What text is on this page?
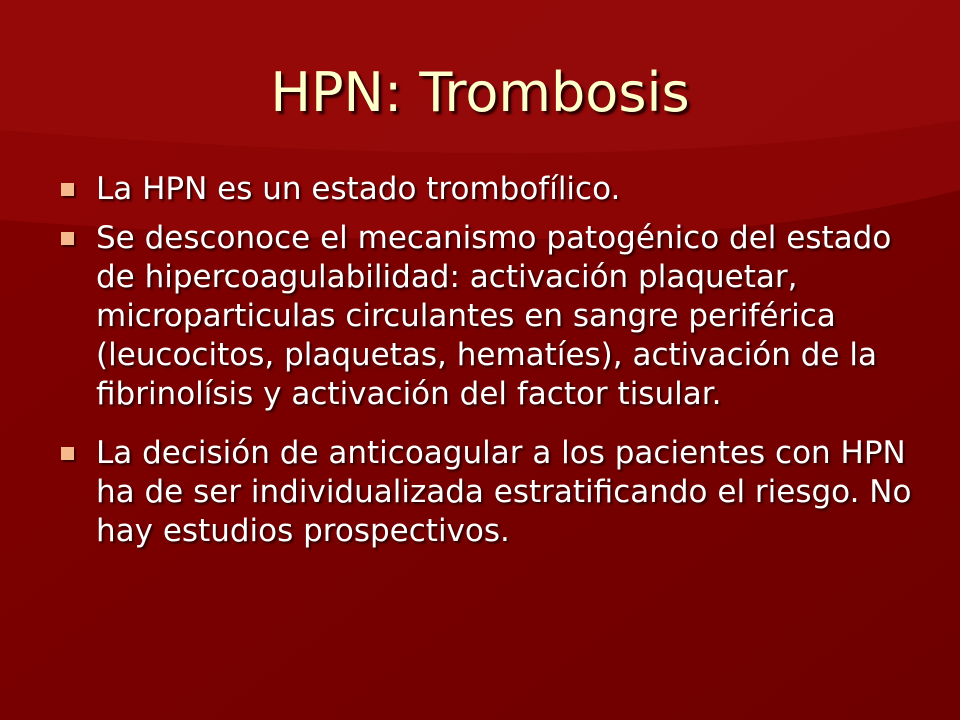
HPN: Trombosis
La HPN es un estado trombofílico.
Se desconoce el mecanismo patogénico del estado de hipercoagulabilidad: activación plaquetar, microparticulas circulantes en sangre periférica (leucocitos, plaquetas, hematíes), activación de la fibrinolísis y activación del factor tisular.
La decisión de anticoagular a los pacientes con HPN ha de ser individualizada estratificando el riesgo. No hay estudios prospectivos.
